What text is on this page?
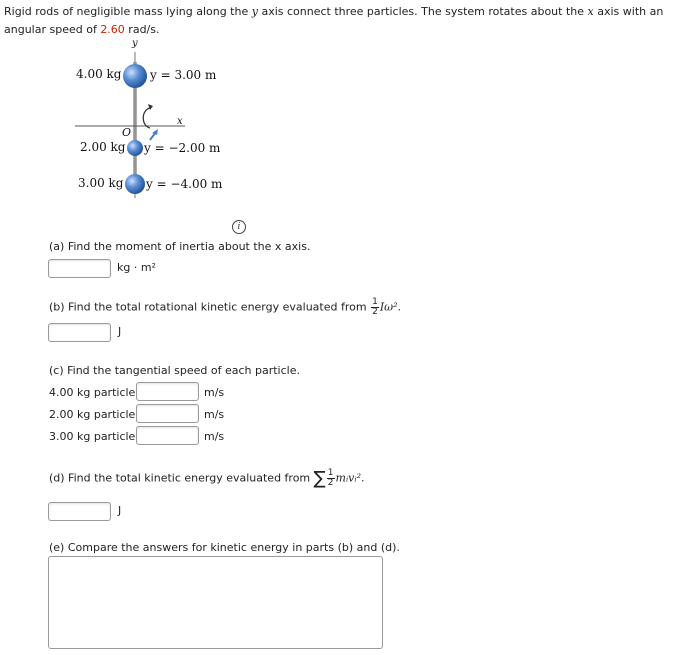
Rigid rods of negligible mass lying along the y axis connect three particles. The system rotates about the x axis with an angular speed of 2.60 rad/s.
y
x
O
4.00 kg y = 3.00 m
2.00 kg y = −2.00 m
3.00 kg y = −4.00 m
i
(a) Find the moment of inertia about the x axis.
kg · m²
(b) Find the total rotational kinetic energy evaluated from $\frac{1}{2} I\omega^2$.
J
(c) Find the tangential speed of each particle.
4.00 kg particle	m/s
2.00 kg particle	m/s
3.00 kg particle	m/s
(d) Find the total kinetic energy evaluated from ∑ $\frac{1}{2}$ mᵢvᵢ².
J
(e) Compare the answers for kinetic energy in parts (b) and (d).
